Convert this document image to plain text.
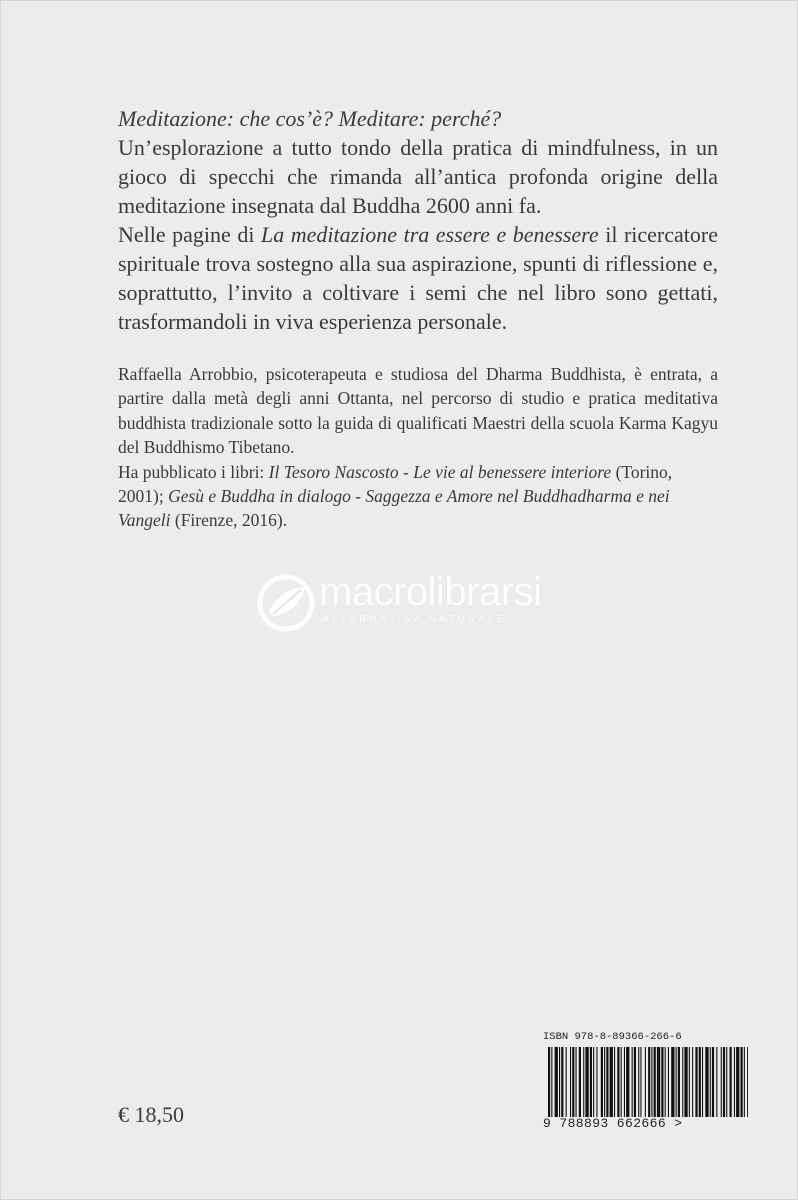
Meditazione: che cos’è? Meditare: perché?

Un’esplorazione a tutto tondo della pratica di mindfulness, in un gioco di specchi che rimanda all’antica profonda origine della meditazione insegnata dal Buddha 2600 anni fa.

Nelle pagine di La meditazione tra essere e benessere il ricercatore spirituale trova sostegno alla sua aspirazione, spunti di riflessione e, soprattutto, l’invito a coltivare i semi che nel libro sono gettati, trasformandoli in viva esperienza personale.

Raffaella Arrobbio, psicoterapeuta e studiosa del Dharma Buddhista, è entrata, a partire dalla metà degli anni Ottanta, nel percorso di studio e pratica meditativa buddhista tradizionale sotto la guida di qualificati Maestri della scuola Karma Kagyu del Buddhismo Tibetano.

Ha pubblicato i libri: Il Tesoro Nascosto - Le vie al benessere interiore (Torino, 2001); Gesù e Buddha in dialogo - Saggezza e Amore nel Buddhadharma e nei Vangeli (Firenze, 2016).

macrolibrarsi
ALTERNATIVA NATURALE
ISBN 978-8-89366-266-6
9 788893 662666 >
€ 18,50
